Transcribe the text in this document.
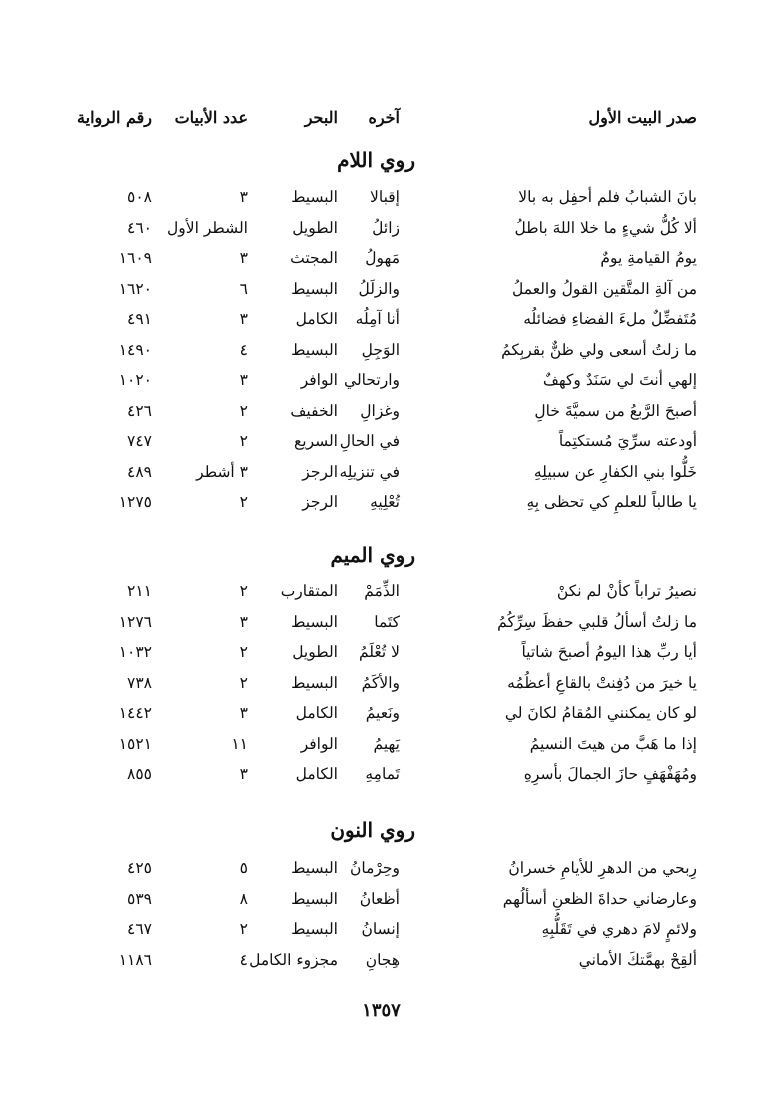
صدر البيت الأول
آخره
البحر
عدد الأبيات
رقم الرواية
روي اللام
بانَ الشبابُ فلم أحفِل به بالا
إقبالا
البسيط
٣
٥٠٨
ألا كُلُّ شيءٍ ما خلا اللهَ باطلُ
زائلُ
الطويل
الشطر الأول
٤٦٠
يومُ القيامةِ يومٌ
مَهولُ
المجتث
٣
١٦٠٩
من آلةِ المتَّقين القولُ والعملُ
والزلَلُ
البسيط
٦
١٦٢٠
مُتَفضِّلٌ ملءَ الفضاءِ فضائلُه
أنا آمِلُه
الكامل
٣
٤٩١
ما زلتُ أسعى ولي ظنٌّ بقربِكمُ
الوَجِلِ
البسيط
٤
١٤٩٠
إلهي أنتَ لي سَنَدٌ وكهفٌ
وارتحالي
الوافر
٣
١٠٢٠
أصبحَ الرَّبعُ من سميَّةَ خالِ
وغزالِ
الخفيف
٢
٤٢٦
أودعته سرِّيَ مُستكتِماً
في الحالِ
السريع
٢
٧٤٧
خَلُّوا بني الكفارِ عن سبيلِهِ
في تنزيلِه
الرجز
٣ أشطر
٤٨٩
يا طالباً للعلمِ كي تحظى بِهِ
تُعْلِيهِ
الرجز
٢
١٢٧٥
روي الميم
نصيرُ تراباً كأنْ لم نكنْ
الذِّمَمْ
المتقارب
٢
٢١١
ما زلتُ أسألُ قلبي حفظَ سِرِّكُمُ
كتَما
البسيط
٣
١٢٧٦
أيا ربِّ هذا اليومُ أصبحَ شاتياً
لا تُعْلَمُ
الطويل
٢
١٠٣٢
يا خيرَ من دُفِنتْ بالقاعِ أعظُمُه
والأكَمُ
البسيط
٢
٧٣٨
لو كان يمكنني المُقامُ لكانَ لي
ونَعيمُ
الكامل
٣
١٤٤٢
إذا ما هَبَّ من هيتَ النسيمُ
يَهيمُ
الوافر
١١
١٥٢١
ومُهَفْهَفٍ حازَ الجمالَ بأسرِهِ
تَمامِهِ
الكامل
٣
٨٥٥
روي النون
رِبحي من الدهرِ للأيامِ خسرانُ
وحِرْمانُ
البسيط
٥
٤٢٥
وعارضاني حداةَ الظعنِ أسألُهم
أظعانُ
البسيط
٨
٥٣٩
ولائمٍ لامَ دهري في تَقَلُّبِهِ
إنسانُ
البسيط
٢
٤٦٧
ألقِحْ بهمَّتكَ الأماني
هِجانِ
مجزوء الكامل
٤
١١٨٦
١٣٥٧
